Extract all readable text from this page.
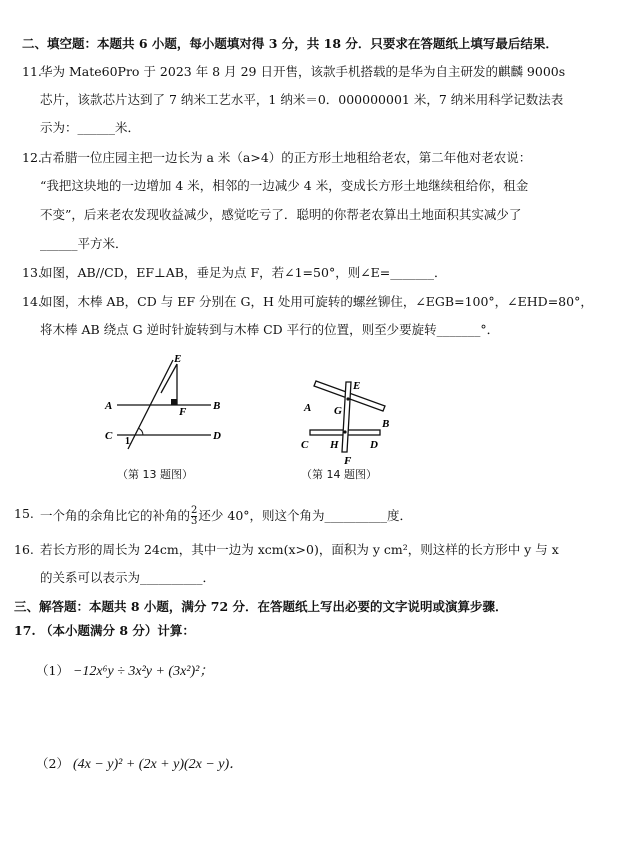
二、填空题：本题共 6 小题，每小题填对得 3 分，共 18 分．只要求在答题纸上填写最后结果．
11.
华为 Mate60Pro 于 2023 年 8 月 29 日开售，该款手机搭载的是华为自主研发的麒麟 9000s
芯片，该款芯片达到了 7 纳米工艺水平，1 纳米＝0．000000001 米，7 纳米用科学记数法表
示为：______米．
12.
古希腊一位庄园主把一边长为 a 米（a>4）的正方形土地租给老农，第二年他对老农说：
“我把这块地的一边增加 4 米，相邻的一边减少 4 米，变成长方形土地继续租给你，租金
不变”，后来老农发现收益减少，感觉吃亏了．聪明的你帮老农算出土地面积其实减少了
______平方米．
13.
如图，AB//CD，EF⊥AB，垂足为点 F，若∠1=50°，则∠E=_______．
14.
如图，木棒 AB，CD 与 EF 分别在 G，H 处用可旋转的螺丝铆住，∠EGB=100°，∠EHD=80°，
将木棒 AB 绕点 G 逆时针旋转到与木棒 CD 平行的位置，则至少要旋转_______°．
A	B
C	D
E
F
1
（第 13 题图）
A
B
C	D
E
F
G
H
（第 14 题图）
15. 一个角的余角比它的补角的 $\frac{2}{3}$ 还少 40°，则这个角为__________度．
16. 若长方形的周长为 24cm，其中一边为 xcm(x>0)，面积为 y cm²，则这样的长方形中 y 与 x
的关系可以表示为__________．
三、解答题：本题共 8 小题，满分 72 分．在答题纸上写出必要的文字说明或演算步骤．
17. （本小题满分 8 分）计算：
（1） −12x⁶y ÷ 3x²y + (3x²)²；
（2） (4x − y)² + (2x + y)(2x − y)．
